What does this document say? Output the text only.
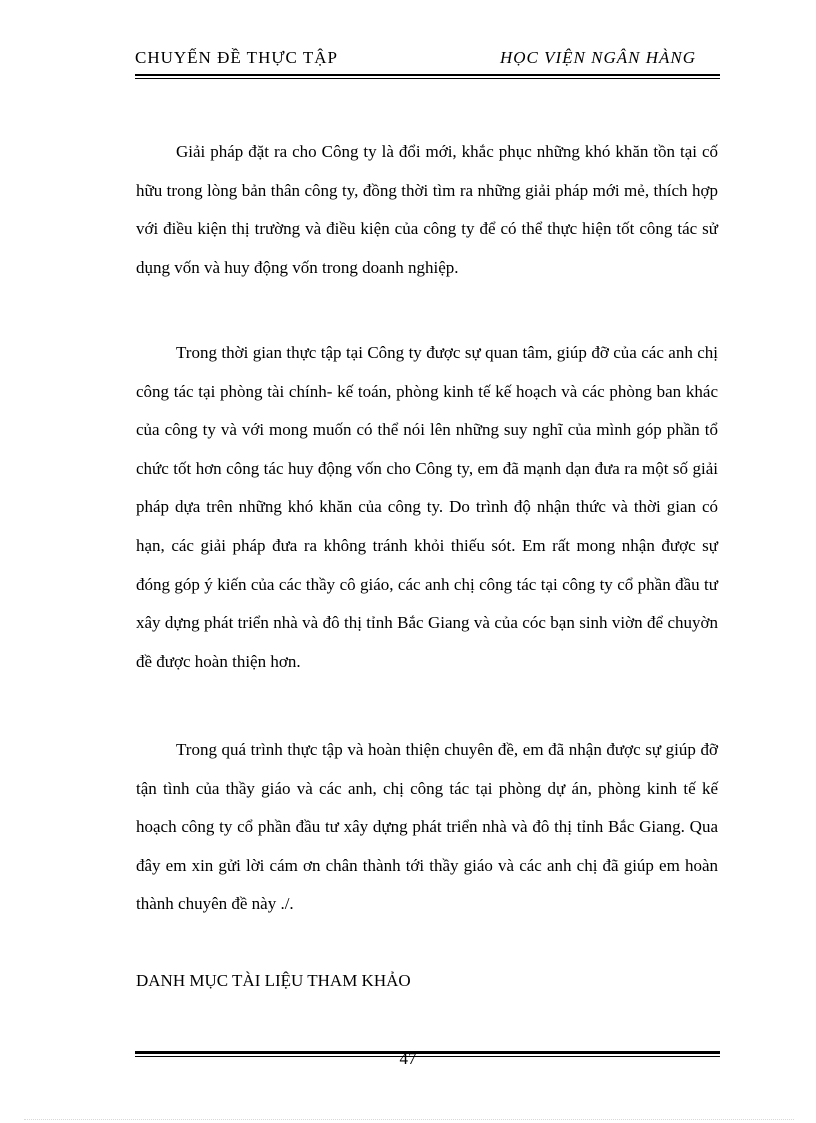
CHUYẾN ĐỀ THỰC TẬP	HỌC VIỆN NGÂN HÀNG

Giải pháp đặt ra cho Công ty là đổi mới, khắc phục những khó khăn tồn tại cố hữu trong lòng bản thân công ty, đồng thời tìm ra những giải pháp mới mẻ, thích hợp với điều kiện thị trường và điều kiện của công ty để có thể thực hiện tốt công tác sử dụng vốn và huy động vốn trong doanh nghiệp.

Trong thời gian thực tập tại Công ty được sự quan tâm, giúp đỡ của các anh chị công tác tại phòng tài chính- kế toán, phòng kinh tế kế hoạch và các phòng ban khác của công ty và với mong muốn có thể nói lên những suy nghĩ của mình góp phần tổ chức tốt hơn công tác huy động vốn cho Công ty, em đã mạnh dạn đưa ra một số giải pháp dựa trên những khó khăn của công ty. Do trình độ nhận thức và thời gian có hạn, các giải pháp đưa ra không tránh khỏi thiếu sót. Em rất mong nhận được sự đóng góp ý kiến của các thầy cô giáo, các anh chị công tác tại công ty cổ phần đầu tư xây dựng phát triển nhà và đô thị tỉnh Bắc Giang và của cóc bạn sinh viờn để chuyờn đề được hoàn thiện hơn.

Trong quá trình thực tập và hoàn thiện chuyên đề, em đã nhận được sự giúp đỡ tận tình của thầy giáo và các anh, chị công tác tại phòng dự án, phòng kinh tế kế hoạch công ty cổ phần đầu tư xây dựng phát triển nhà và đô thị tỉnh Bắc Giang. Qua đây em xin gửi lời cám ơn chân thành tới thầy giáo và các anh chị đã giúp em hoàn thành chuyên đề này ./.

DANH MỤC TÀI LIỆU THAM KHẢO
47
